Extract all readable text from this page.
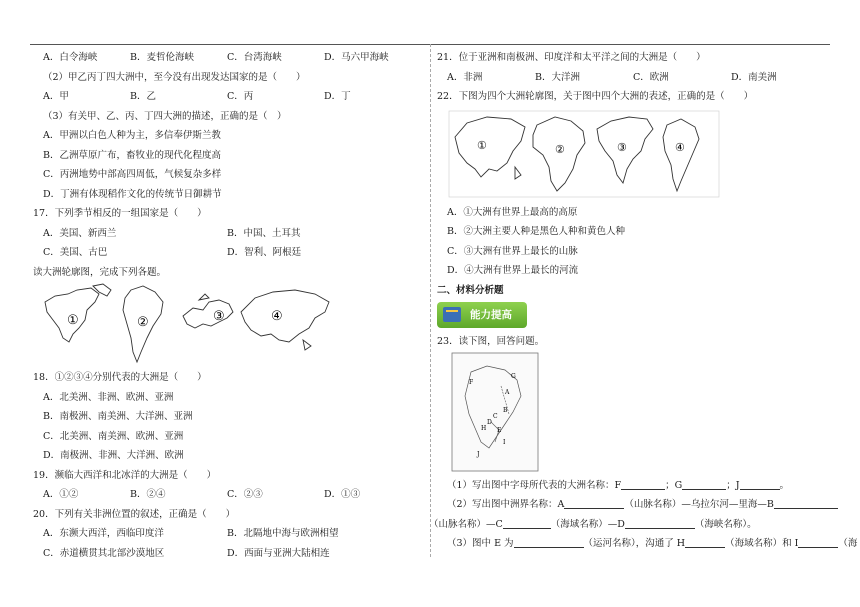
A．白令海峡	B．麦哲伦海峡	C．台湾海峡	D．马六甲海峡
（2）甲乙丙丁四大洲中，至今没有出现发达国家的是（　　）
A．甲	B．乙	C．丙	D．丁
（3）有关甲、乙、丙、丁四大洲的描述，正确的是（　）
A．甲洲以白色人种为主，多信奉伊斯兰教
B．乙洲草原广布，畜牧业的现代化程度高
C．丙洲地势中部高四周低，气候复杂多样
D．丁洲有体现稻作文化的传统节日御耕节
17．下列季节相反的一组国家是（　　）
A．美国、新西兰	B．中国、土耳其
C．美国、古巴	D．智利、阿根廷
读大洲轮廓图，完成下列各题。
①	②	③	④
18．①②③④分别代表的大洲是（　　）
A．北美洲、非洲、欧洲、亚洲
B．南极洲、南美洲、大洋洲、亚洲
C．北美洲、南美洲、欧洲、亚洲
D．南极洲、非洲、大洋洲、欧洲
19．濒临大西洋和北冰洋的大洲是（　　）
A．①②	B．②④	C．②③	D．①③
20．下列有关非洲位置的叙述，正确是（　　）
A．东濒大西洋，西临印度洋	B．北隔地中海与欧洲相望
C．赤道横贯其北部沙漠地区	D．西面与亚洲大陆相连
21．位于亚洲和南极洲、印度洋和太平洋之间的大洲是（　　）
A．非洲	B．大洋洲	C．欧洲	D．南美洲
22．下图为四个大洲轮廓图，关于图中四个大洲的表述，正确的是（　　）
①	②	③	④
A．①大洲有世界上最高的高原
B．②大洲主要人种是黑色人种和黄色人种
C．③大洲有世界上最长的山脉
D．④大洲有世界上最长的河流
二、材料分析题
能力提高
23．读下图，回答问题。
F
G
J
A
B
C
D
E
H
I
（1）写出图中字母所代表的大洲名称：F	；G	；J	。
（2）写出图中洲界名称：A	（山脉名称）—乌拉尔河—里海—B
（山脉名称）—C	（海域名称）—D	（海峡名称）。
（3）图中 E 为	（运河名称），沟通了 H	（海域名称）和 I	（海
